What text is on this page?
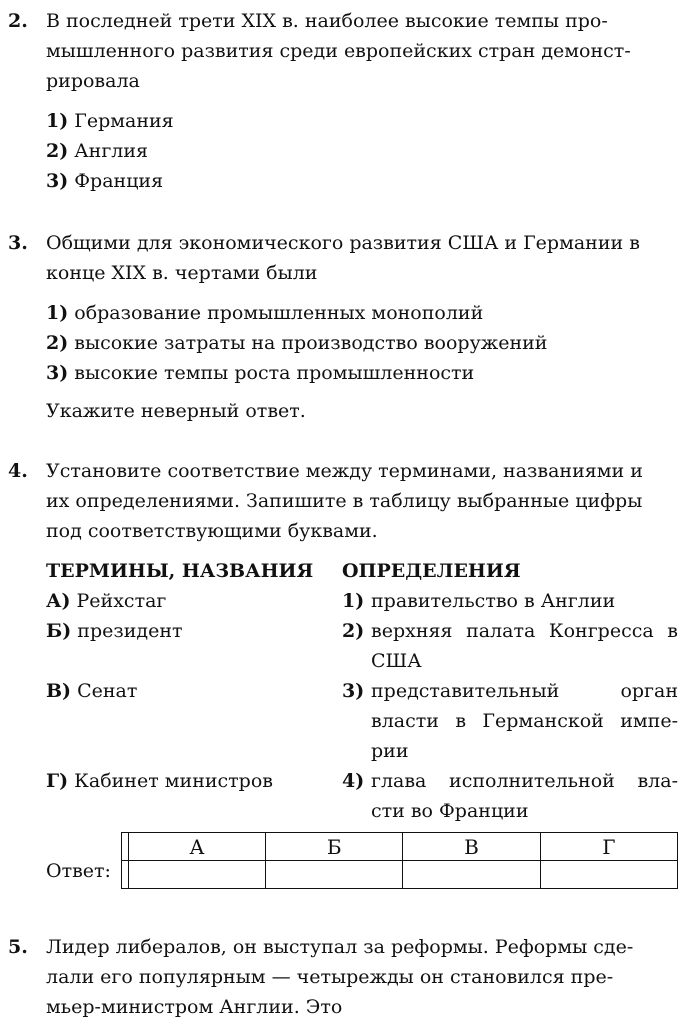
2. В последней трети XIX в. наиболее высокие темпы про-
мышленного развития среди европейских стран демонст-
рировала
1) Германия
2) Англия
3) Франция
3. Общими для экономического развития США и Германии в
конце XIX в. чертами были
1) образование промышленных монополий
2) высокие затраты на производство вооружений
3) высокие темпы роста промышленности
Укажите неверный ответ.
4. Установите соответствие между терминами, названиями и
их определениями. Запишите в таблицу выбранные цифры
под соответствующими буквами.
ТЕРМИНЫ, НАЗВАНИЯ ОПРЕДЕЛЕНИЯ
А) Рейхстаг	1) правительство в Англии
Б) президент	2) верхняя палата Конгресса в США
В) Сенат	3) представительный орган власти в Германской импе- рии
Г) Кабинет министров	4) глава исполнительной вла- сти во Франции
Ответ:
	А	Б	В	Г

5. Лидер либералов, он выступал за реформы. Реформы сде-
лали его популярным — четырежды он становился пре-
мьер-министром Англии. Это
